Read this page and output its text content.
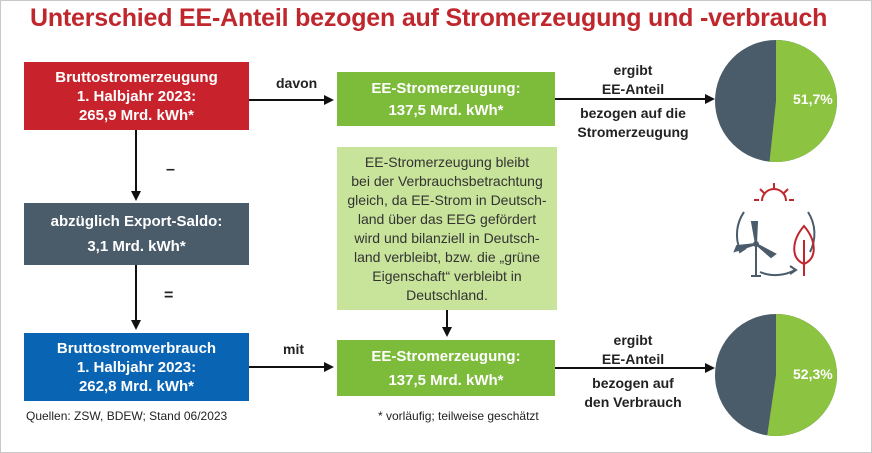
Unterschied EE-Anteil bezogen auf Stromerzeugung und -verbrauch
Bruttostromerzeugung
1. Halbjahr 2023:
265,9 Mrd. kWh*
abzüglich Export-Saldo:
3,1 Mrd. kWh*
Bruttostromverbrauch
1. Halbjahr 2023:
262,8 Mrd. kWh*
EE-Stromerzeugung:
137,5 Mrd. kWh*
EE-Stromerzeugung:
137,5 Mrd. kWh*
EE-Stromerzeugung bleibt
bei der Verbrauchsbetrachtung
gleich, da EE-Strom in Deutsch-
land über das EEG gefördert
wird und bilanziell in Deutsch-
land verbleibt, bzw. die „grüne
Eigenschaft“ verbleibt in
Deutschland.
davon
mit
–
=
ergibt
EE-Anteil
bezogen auf die
Stromerzeugung
ergibt
EE-Anteil
bezogen auf
den Verbrauch
51,7%
52,3%
Quellen: ZSW, BDEW; Stand 06/2023	* vorläufig; teilweise geschätzt
